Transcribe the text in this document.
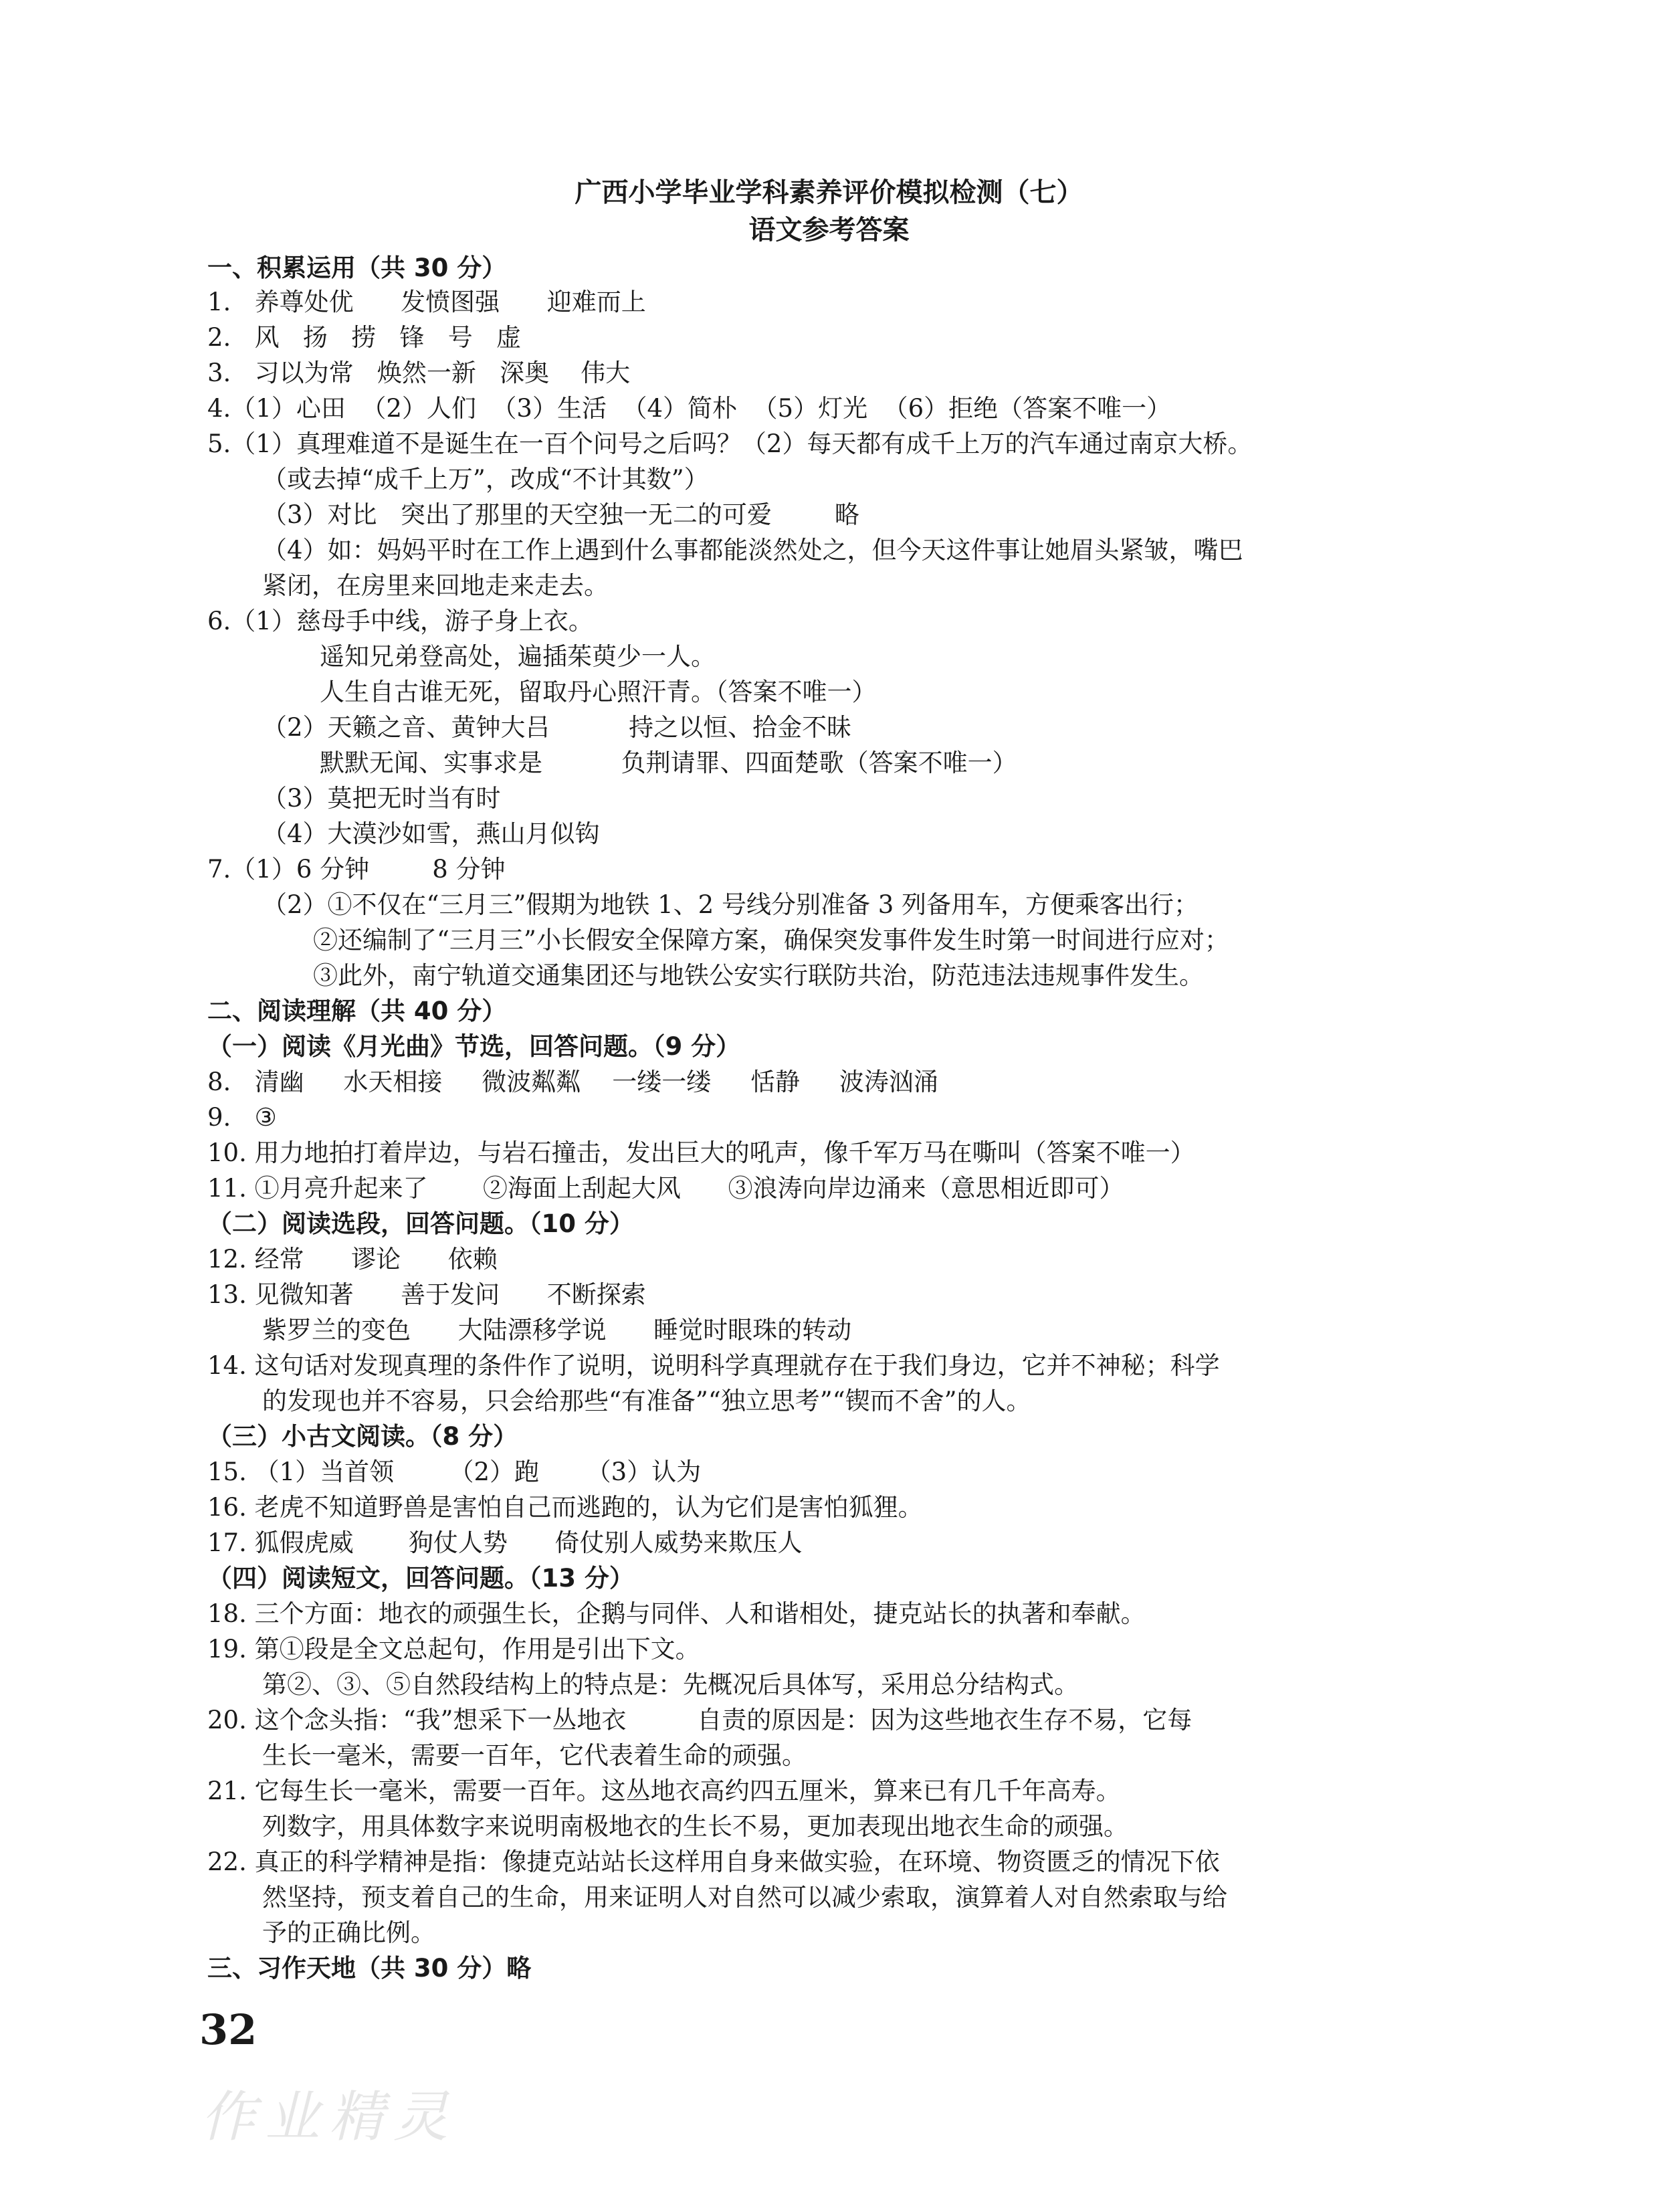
广西小学毕业学科素养评价模拟检测（七）
语文参考答案
一、积累运用（共 30 分）
1.   养尊处优      发愤图强      迎难而上
2.   风   扬   捞   锋   号   虚
3.   习以为常   焕然一新   深奥    伟大
4.（1）心田  （2）人们  （3）生活  （4）简朴  （5）灯光  （6）拒绝（答案不唯一）
5.（1）真理难道不是诞生在一百个问号之后吗？（2）每天都有成千上万的汽车通过南京大桥。
（或去掉“成千上万”，改成“不计其数”）
（3）对比   突出了那里的天空独一无二的可爱        略
（4）如：妈妈平时在工作上遇到什么事都能淡然处之，但今天这件事让她眉头紧皱，嘴巴
紧闭，在房里来回地走来走去。
6.（1）慈母手中线，游子身上衣。
遥知兄弟登高处，遍插茱萸少一人。
人生自古谁无死，留取丹心照汗青。（答案不唯一）
（2）天籁之音、黄钟大吕          持之以恒、拾金不昧
默默无闻、实事求是          负荆请罪、四面楚歌（答案不唯一）
（3）莫把无时当有时
（4）大漠沙如雪，燕山月似钩
7.（1）6 分钟        8 分钟
（2）①不仅在“三月三”假期为地铁 1、2 号线分别准备 3 列备用车，方便乘客出行；
②还编制了“三月三”小长假安全保障方案，确保突发事件发生时第一时间进行应对；
③此外，南宁轨道交通集团还与地铁公安实行联防共治，防范违法违规事件发生。
二、阅读理解（共 40 分）
（一）阅读《月光曲》节选，回答问题。（9 分）
8.   清幽     水天相接     微波粼粼    一缕一缕     恬静     波涛汹涌
9.   ③
10. 用力地拍打着岸边，与岩石撞击，发出巨大的吼声，像千军万马在嘶叫（答案不唯一）
11. ①月亮升起来了       ②海面上刮起大风      ③浪涛向岸边涌来（意思相近即可）
（二）阅读选段，回答问题。（10 分）
12. 经常      谬论      依赖
13. 见微知著      善于发问      不断探索
紫罗兰的变色      大陆漂移学说      睡觉时眼珠的转动
14. 这句话对发现真理的条件作了说明，说明科学真理就存在于我们身边，它并不神秘；科学
的发现也并不容易，只会给那些“有准备”“独立思考”“锲而不舍”的人。
（三）小古文阅读。（8 分）
15. （1）当首领       （2）跑      （3）认为
16. 老虎不知道野兽是害怕自己而逃跑的，认为它们是害怕狐狸。
17. 狐假虎威       狗仗人势      倚仗别人威势来欺压人
（四）阅读短文，回答问题。（13 分）
18. 三个方面：地衣的顽强生长，企鹅与同伴、人和谐相处，捷克站长的执著和奉献。
19. 第①段是全文总起句，作用是引出下文。
第②、③、⑤自然段结构上的特点是：先概况后具体写，采用总分结构式。
20. 这个念头指：“我”想采下一丛地衣         自责的原因是：因为这些地衣生存不易，它每
生长一毫米，需要一百年，它代表着生命的顽强。
21. 它每生长一毫米，需要一百年。这丛地衣高约四五厘米，算来已有几千年高寿。
列数字，用具体数字来说明南极地衣的生长不易，更加表现出地衣生命的顽强。
22. 真正的科学精神是指：像捷克站站长这样用自身来做实验，在环境、物资匮乏的情况下依
然坚持，预支着自己的生命，用来证明人对自然可以减少索取，演算着人对自然索取与给
予的正确比例。
三、习作天地（共 30 分）略
32
作业精灵
